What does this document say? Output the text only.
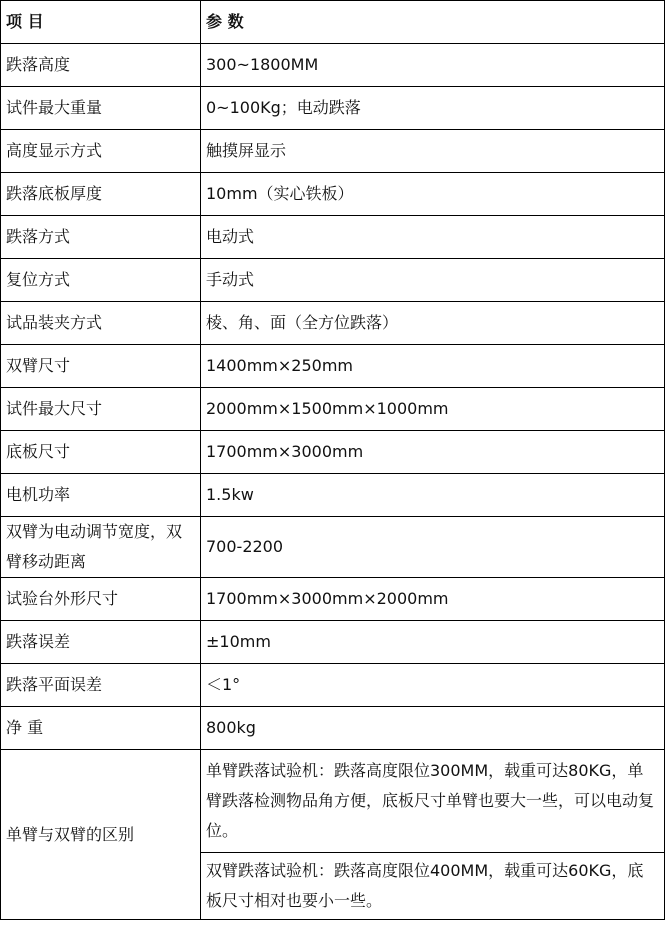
项 目	参 数
跌落高度	300~1800MM
试件最大重量	0~100Kg；电动跌落
高度显示方式	触摸屏显示
跌落底板厚度	10mm（实心铁板）
跌落方式	电动式
复位方式	手动式
试品装夹方式	棱、角、面（全方位跌落）
双臂尺寸	1400mm×250mm
试件最大尺寸	2000mm×1500mm×1000mm
底板尺寸	1700mm×3000mm
电机功率	1.5kw
双臂为电动调节宽度，双臂移动距离	700-2200
试验台外形尺寸	1700mm×3000mm×2000mm
跌落误差	±10mm
跌落平面误差	＜1°
净 重	800kg
单臂与双臂的区别	单臂跌落试验机：跌落高度限位300MM，载重可达80KG，单臂跌落检测物品角方便，底板尺寸单臂也要大一些，可以电动复位。
	双臂跌落试验机：跌落高度限位400MM，载重可达60KG，底板尺寸相对也要小一些。
